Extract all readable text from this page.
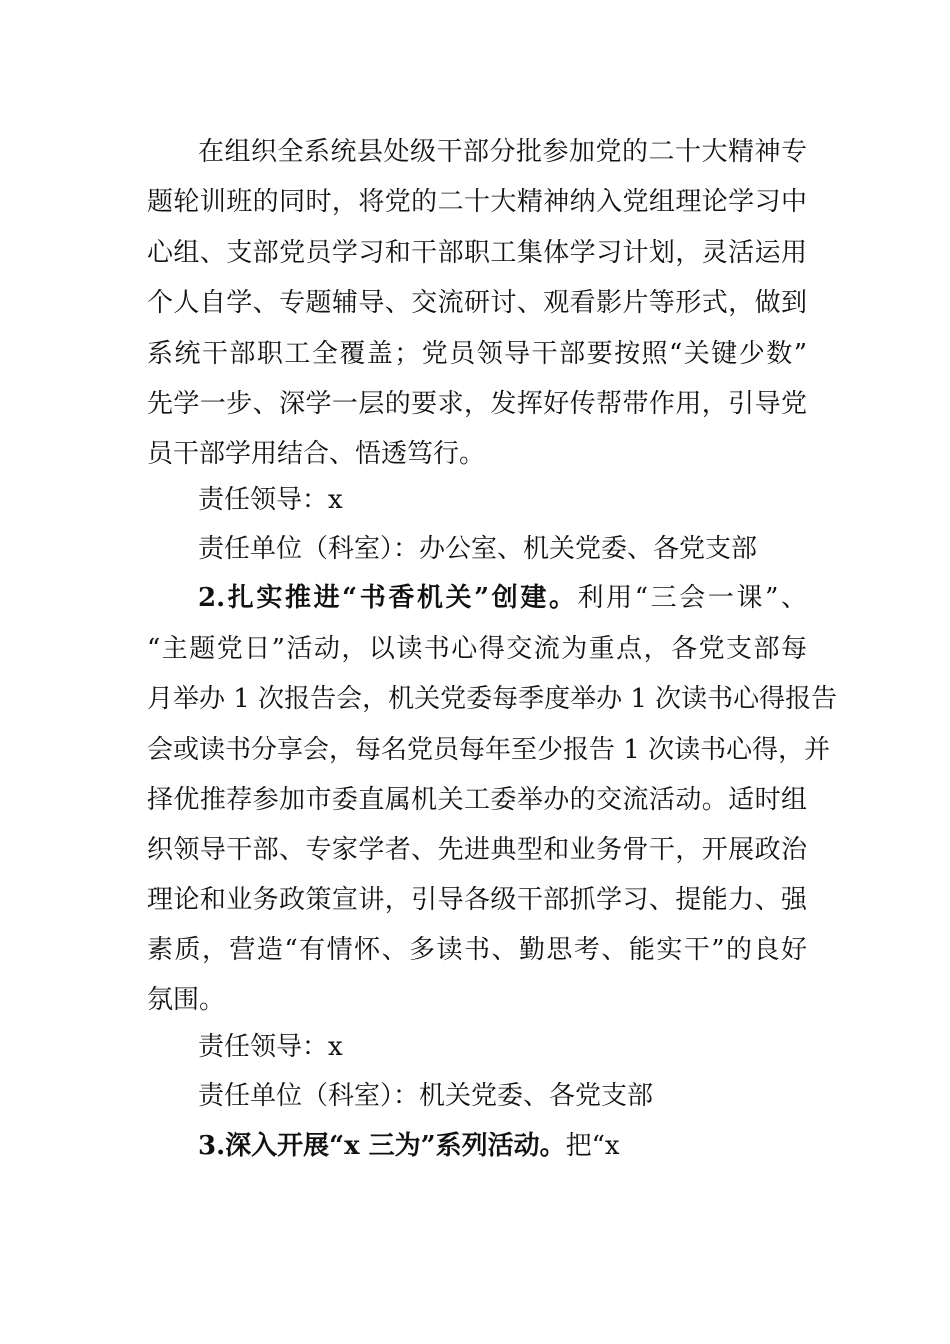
在组织全系统县处级干部分批参加党的二十大精神专
题轮训班的同时，将党的二十大精神纳入党组理论学习中
心组、支部党员学习和干部职工集体学习计划，灵活运用
个人自学、专题辅导、交流研讨、观看影片等形式，做到
系统干部职工全覆盖；党员领导干部要按照“关键少数”
先学一步、深学一层的要求，发挥好传帮带作用，引导党
员干部学用结合、悟透笃行。
责任领导：x
责任单位（科室）：办公室、机关党委、各党支部
2.扎实推进“书香机关”创建。利用“三会一课”、
“主题党日”活动，以读书心得交流为重点，各党支部每
月举办 1 次报告会，机关党委每季度举办 1 次读书心得报告
会或读书分享会，每名党员每年至少报告 1 次读书心得，并
择优推荐参加市委直属机关工委举办的交流活动。适时组
织领导干部、专家学者、先进典型和业务骨干，开展政治
理论和业务政策宣讲，引导各级干部抓学习、提能力、强
素质，营造“有情怀、多读书、勤思考、能实干”的良好
氛围。
责任领导：x
责任单位（科室）：机关党委、各党支部
3.深入开展“x 三为”系列活动。把“x
